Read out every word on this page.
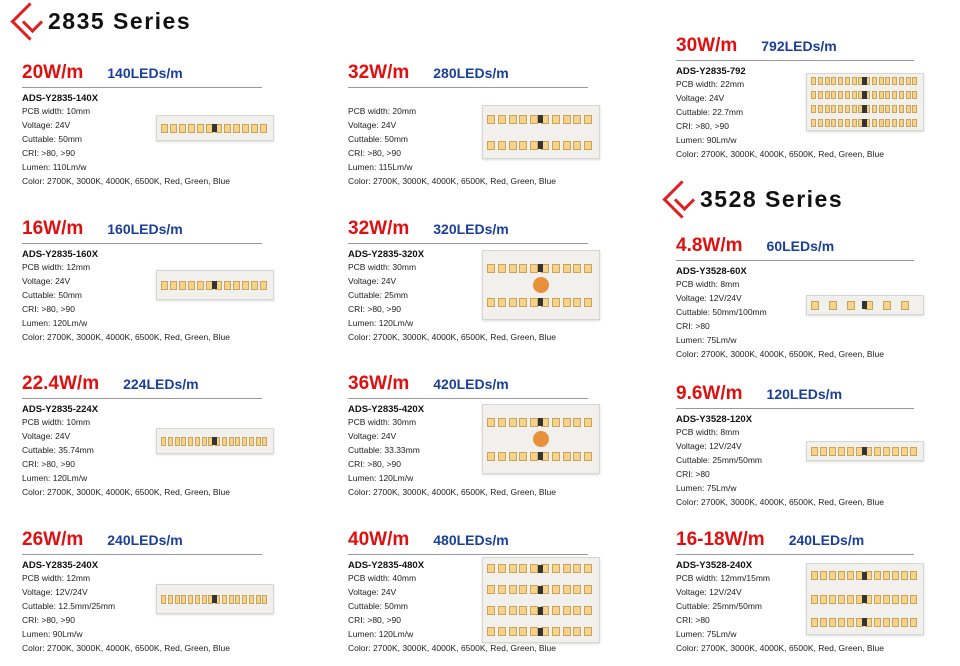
2835 Series
3528 Series
20W/m 140LEDs/m
ADS-Y2835-140X
PCB width: 10mm
Voltage: 24V
Cuttable: 50mm
CRI: >80, >90
Lumen: 110Lm/w
Color: 2700K, 3000K, 4000K, 6500K, Red, Green, Blue
16W/m 160LEDs/m
ADS-Y2835-160X
PCB width: 12mm
Voltage: 24V
Cuttable: 50mm
CRI: >80, >90
Lumen: 120Lm/w
Color: 2700K, 3000K, 4000K, 6500K, Red, Green, Blue
22.4W/m 224LEDs/m
ADS-Y2835-224X
PCB width: 10mm
Voltage: 24V
Cuttable: 35.74mm
CRI: >80, >90
Lumen: 120Lm/w
Color: 2700K, 3000K, 4000K, 6500K, Red, Green, Blue
26W/m 240LEDs/m
ADS-Y2835-240X
PCB width: 12mm
Voltage: 12V/24V
Cuttable: 12.5mm/25mm
CRI: >80, >90
Lumen: 90Lm/w
Color: 2700K, 3000K, 4000K, 6500K, Red, Green, Blue
32W/m 280LEDs/m
PCB width: 20mm
Voltage: 24V
Cuttable: 50mm
CRI: >80, >90
Lumen: 115Lm/w
Color: 2700K, 3000K, 4000K, 6500K, Red, Green, Blue
32W/m 320LEDs/m
ADS-Y2835-320X
PCB width: 30mm
Voltage: 24V
Cuttable: 25mm
CRI: >80, >90
Lumen: 120Lm/w
Color: 2700K, 3000K, 4000K, 6500K, Red, Green, Blue
36W/m 420LEDs/m
ADS-Y2835-420X
PCB width: 30mm
Voltage: 24V
Cuttable: 33.33mm
CRI: >80, >90
Lumen: 120Lm/w
Color: 2700K, 3000K, 4000K, 6500K, Red, Green, Blue
40W/m 480LEDs/m
ADS-Y2835-480X
PCB width: 40mm
Voltage: 24V
Cuttable: 50mm
CRI: >80, >90
Lumen: 120Lm/w
Color: 2700K, 3000K, 4000K, 6500K, Red, Green, Blue
30W/m 792LEDs/m
ADS-Y2835-792
PCB width: 22mm
Voltage: 24V
Cuttable: 22.7mm
CRI: >80, >90
Lumen: 90Lm/w
Color: 2700K, 3000K, 4000K, 6500K, Red, Green, Blue
4.8W/m 60LEDs/m
ADS-Y3528-60X
PCB width: 8mm
Voltage: 12V/24V
Cuttable: 50mm/100mm
CRI: >80
Lumen: 75Lm/w
Color: 2700K, 3000K, 4000K, 6500K, Red, Green, Blue
9.6W/m 120LEDs/m
ADS-Y3528-120X
PCB width: 8mm
Voltage: 12V/24V
Cuttable: 25mm/50mm
CRI: >80
Lumen: 75Lm/w
Color: 2700K, 3000K, 4000K, 6500K, Red, Green, Blue
16-18W/m 240LEDs/m
ADS-Y3528-240X
PCB width: 12mm/15mm
Voltage: 12V/24V
Cuttable: 25mm/50mm
CRI: >80
Lumen: 75Lm/w
Color: 2700K, 3000K, 4000K, 6500K, Red, Green, Blue
